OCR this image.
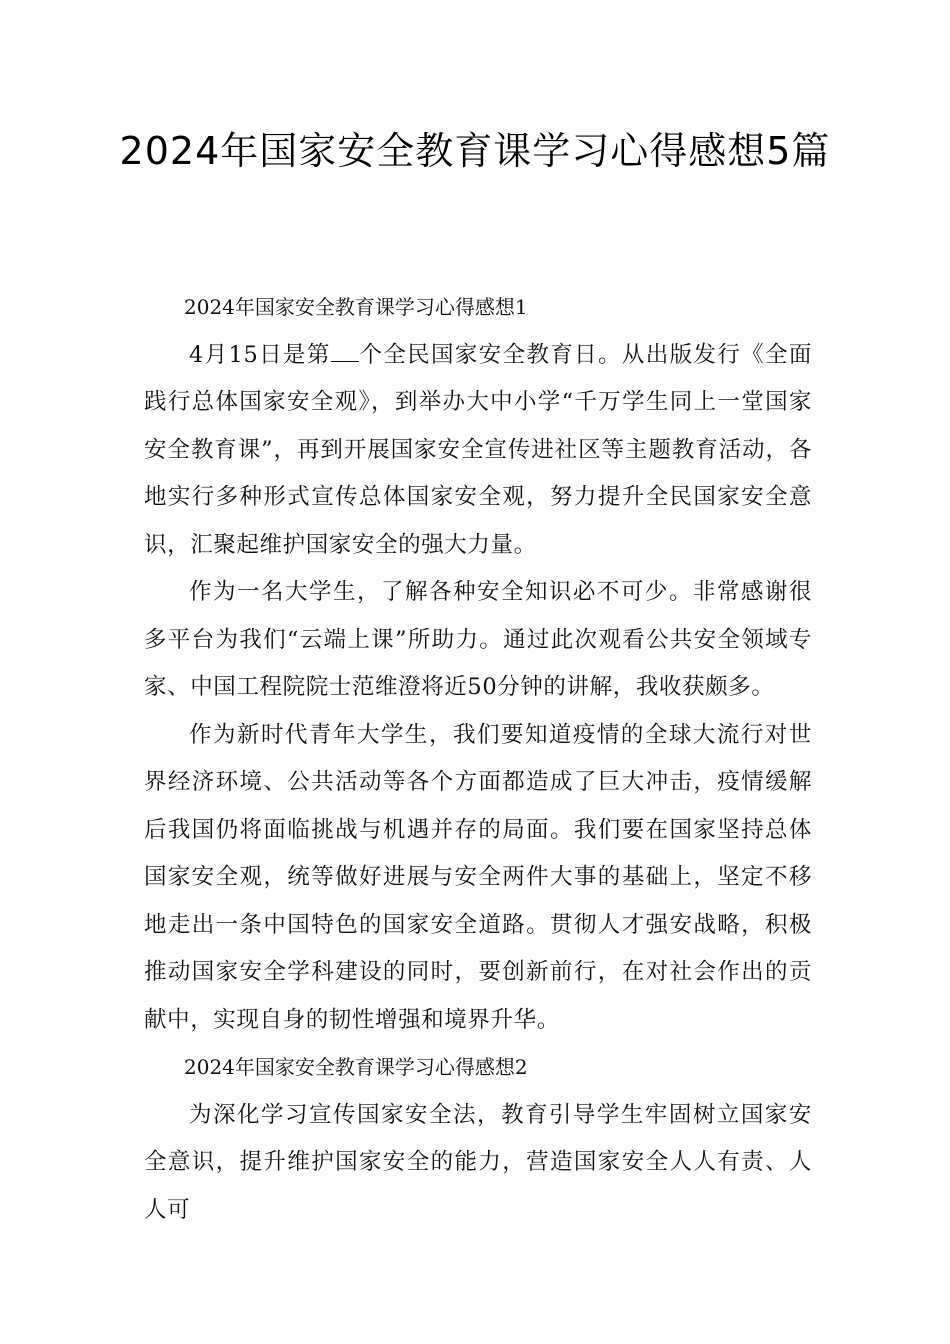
2024年国家安全教育课学习心得感想5篇

2024年国家安全教育课学习心得感想1

4月15日是第 个全民国家安全教育日。从出版发行《全面践行总体国家安全观》，到举办大中小学“千万学生同上一堂国家安全教育课”，再到开展国家安全宣传进社区等主题教育活动，各地实行多种形式宣传总体国家安全观，努力提升全民国家安全意识，汇聚起维护国家安全的强大力量。

作为一名大学生，了解各种安全知识必不可少。非常感谢很多平台为我们“云端上课”所助力。通过此次观看公共安全领域专家、中国工程院院士范维澄将近50分钟的讲解，我收获颇多。

作为新时代青年大学生，我们要知道疫情的全球大流行对世界经济环境、公共活动等各个方面都造成了巨大冲击，疫情缓解后我国仍将面临挑战与机遇并存的局面。我们要在国家坚持总体国家安全观，统等做好进展与安全两件大事的基础上，坚定不移地走出一条中国特色的国家安全道路。贯彻人才强安战略，积极推动国家安全学科建设的同时，要创新前行，在对社会作出的贡献中，实现自身的韧性增强和境界升华。

2024年国家安全教育课学习心得感想2

为深化学习宣传国家安全法，教育引导学生牢固树立国家安全意识，提升维护国家安全的能力，营造国家安全人人有责、人人可
